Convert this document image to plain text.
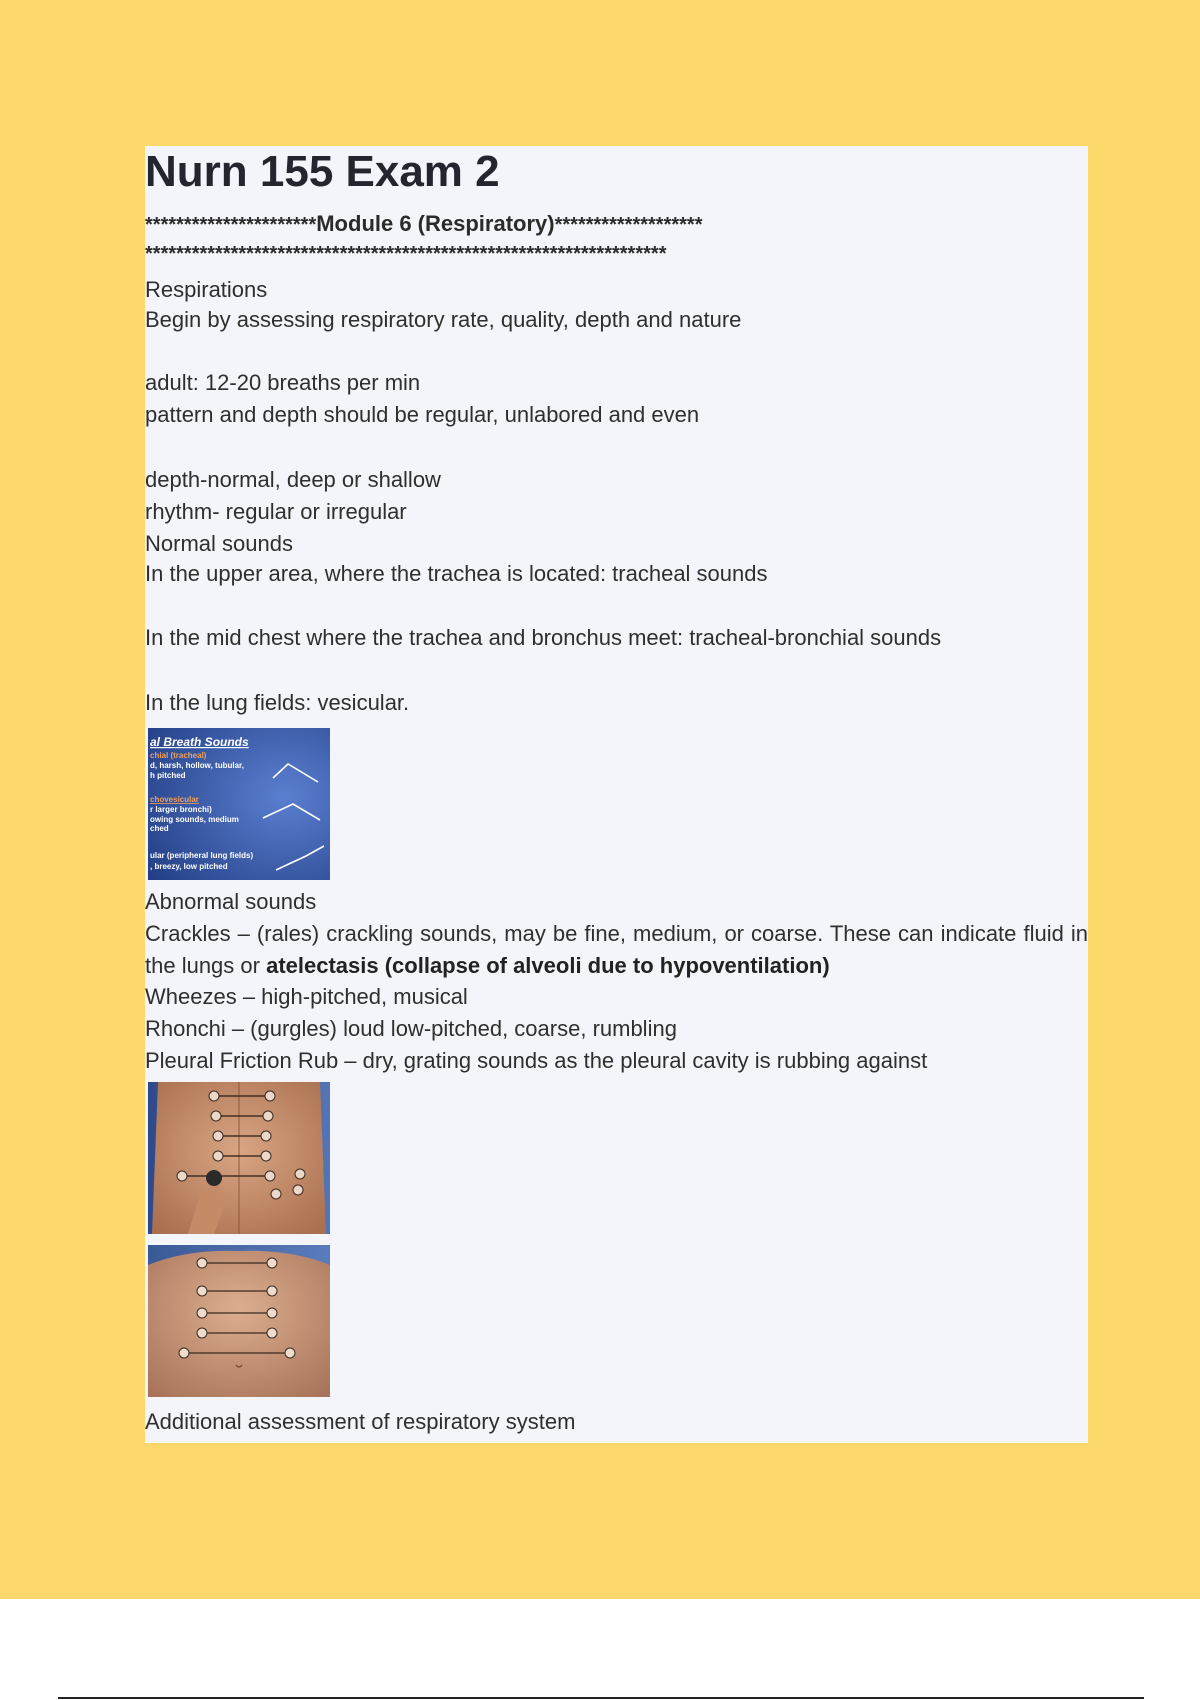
Nurn 155 Exam 2
**********************Module 6 (Respiratory)*******************
*******************************************************************
Respirations
Begin by assessing respiratory rate, quality, depth and nature
adult: 12-20 breaths per min
pattern and depth should be regular, unlabored and even
depth-normal, deep or shallow
rhythm- regular or irregular
Normal sounds
In the upper area, where the trachea is located: tracheal sounds
In the mid chest where the trachea and bronchus meet: tracheal-bronchial sounds
In the lung fields: vesicular.
al Breath Sounds
chial (tracheal)
d, harsh, hollow, tubular,
h pitched
chovesicular
r larger bronchi)
owing sounds, medium
ched
ular (peripheral lung fields)
, breezy, low pitched
Abnormal sounds
Crackles – (rales) crackling sounds, may be fine, medium, or coarse. These can indicate fluid in the lungs or atelectasis (collapse of alveoli due to hypoventilation)
Wheezes – high-pitched, musical
Rhonchi – (gurgles) loud low-pitched, coarse, rumbling
Pleural Friction Rub – dry, grating sounds as the pleural cavity is rubbing against
Additional assessment of respiratory system
